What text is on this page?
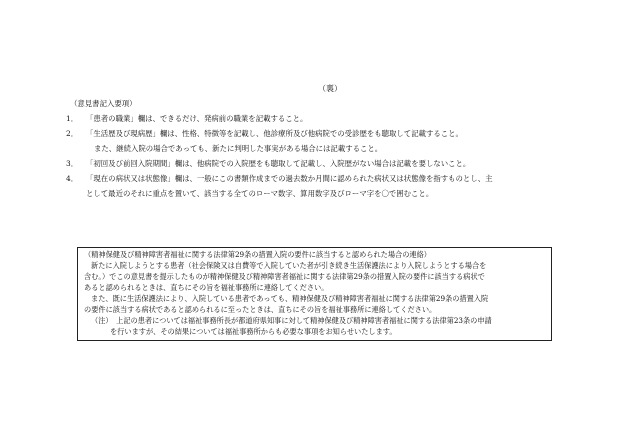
（裏）
（意見書記入要項）
1．	「患者の職業」欄は、できるだけ、発病前の職業を記載すること。
2．	「生活歴及び現病歴」欄は、性格、特徴等を記載し、他診療所及び他病院での受診歴をも聴取して記載すること。
また、継続入院の場合であっても、新たに判明した事実がある場合には記載すること。
3．	「初回及び前回入院期間」欄は、他病院での入院歴をも聴取して記載し、入院歴がない場合は記載を要しないこと。
4．	「現在の病状又は状態像」欄は、一般にこの書類作成までの過去数か月間に認められた病状又は状態像を指すものとし、主
として最近のそれに重点を置いて、該当する全てのローマ数字、算用数字及びローマ字を〇で囲むこと。
（精神保健及び精神障害者福祉に関する法律第29条の措置入院の要件に該当すると認められた場合の連絡）
新たに入院しようとする患者（社会保険又は自費等で入院していた者が引き続き生活保護法により入院しようとする場合を
含む。）でこの意見書を提示したものが精神保健及び精神障害者福祉に関する法律第29条の措置入院の要件に該当する病状で
あると認められるときは、直ちにその旨を福祉事務所に連絡してください。
また、既に生活保護法により、入院している患者であっても、精神保健及び精神障害者福祉に関する法律第29条の措置入院
の要件に該当する病状であると認められるに至ったときは、直ちにその旨を福祉事務所に連絡してください。
（注）　上記の患者については福祉事務所長が都道府県知事に対して精神保健及び精神障害者福祉に関する法律第23条の申請
を行いますが、その結果については福祉事務所からも必要な事項をお知らせいたします。
